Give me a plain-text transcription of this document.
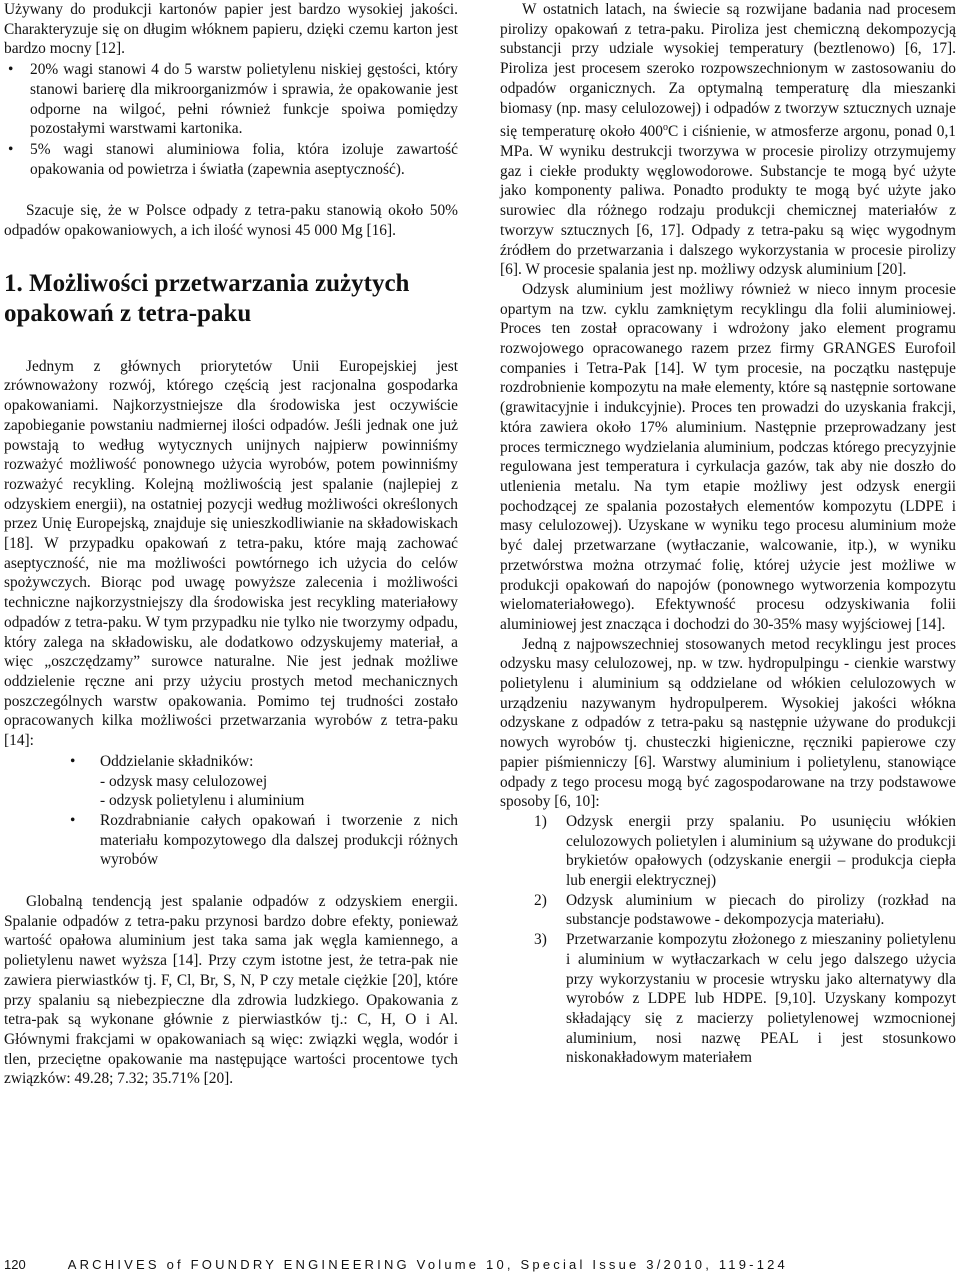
Używany do produkcji kartonów papier jest bardzo wysokiej jakości. Charakteryzuje się on długim włóknem papieru, dzięki czemu karton jest bardzo mocny [12].

• 20% wagi stanowi 4 do 5 warstw polietylenu niskiej gęstości, który stanowi barierę dla mikroorganizmów i sprawia, że opakowanie jest odporne na wilgoć, pełni również funkcje spoiwa pomiędzy pozostałymi warstwami kartonika.
• 5% wagi stanowi aluminiowa folia, która izoluje zawartość opakowania od powietrza i światła (zapewnia aseptyczność).

Szacuje się, że w Polsce odpady z tetra-paku stanowią około 50% odpadów opakowaniowych, a ich ilość wynosi 45 000 Mg [16].

1. Możliwości przetwarzania zużytych opakowań z tetra-paku

Jednym z głównych priorytetów Unii Europejskiej jest zrównoważony rozwój, którego częścią jest racjonalna gospodarka opakowaniami. Najkorzystniejsze dla środowiska jest oczywiście zapobieganie powstaniu nadmiernej ilości odpadów. Jeśli jednak one już powstają to według wytycznych unijnych najpierw powinniśmy rozważyć możliwość ponownego użycia wyrobów, potem powinniśmy rozważyć recykling. Kolejną możliwością jest spalanie (najlepiej z odzyskiem energii), na ostatniej pozycji według możliwości określonych przez Unię Europejską, znajduje się unieszkodliwianie na składowiskach [18]. W przypadku opakowań z tetra-paku, które mają zachować aseptyczność, nie ma możliwości powtórnego ich użycia do celów spożywczych. Biorąc pod uwagę powyższe zalecenia i możliwości techniczne najkorzystniejszy dla środowiska jest recykling materiałowy odpadów z tetra-paku. W tym przypadku nie tylko nie tworzymy odpadu, który zalega na składowisku, ale dodatkowo odzyskujemy materiał, a więc „oszczędzamy” surowce naturalne. Nie jest jednak możliwe oddzielenie ręczne ani przy użyciu prostych metod mechanicznych poszczególnych warstw opakowania. Pomimo tej trudności zostało opracowanych kilka możliwości przetwarzania wyrobów z tetra-paku [14]:

• Oddzielanie składników:
- odzysk masy celulozowej
- odzysk polietylenu i aluminium
• Rozdrabnianie całych opakowań i tworzenie z nich materiału kompozytowego dla dalszej produkcji różnych wyrobów

Globalną tendencją jest spalanie odpadów z odzyskiem energii. Spalanie odpadów z tetra-paku przynosi bardzo dobre efekty, ponieważ wartość opałowa aluminium jest taka sama jak węgla kamiennego, a polietylenu nawet wyższa [14]. Przy czym istotne jest, że tetra-pak nie zawiera pierwiastków tj. F, Cl, Br, S, N, P czy metale ciężkie [20], które przy spalaniu są niebezpieczne dla zdrowia ludzkiego. Opakowania z tetra-pak są wykonane głównie z pierwiastków tj.: C, H, O i Al. Głównymi frakcjami w opakowaniach są więc: związki węgla, wodór i tlen, przeciętne opakowanie ma następujące wartości procentowe tych związków: 49.28; 7.32; 35.71% [20].

W ostatnich latach, na świecie są rozwijane badania nad procesem pirolizy opakowań z tetra-paku. Piroliza jest chemiczną dekompozycją substancji przy udziale wysokiej temperatury (beztlenowo) [6, 17]. Piroliza jest procesem szeroko rozpowszechnionym w zastosowaniu do odpadów organicznych. Za optymalną temperaturę dla mieszanki biomasy (np. masy celulozowej) i odpadów z tworzyw sztucznych uznaje się temperaturę około 400$^o$C i ciśnienie, w atmosferze argonu, ponad 0,1 MPa. W wyniku destrukcji tworzywa w procesie pirolizy otrzymujemy gaz i ciekłe produkty węglowodorowe. Substancje te mogą być użyte jako komponenty paliwa. Ponadto produkty te mogą być użyte jako surowiec dla różnego rodzaju produkcji chemicznej materiałów z tworzyw sztucznych [6, 17]. Odpady z tetra-paku są więc wygodnym źródłem do przetwarzania i dalszego wykorzystania w procesie pirolizy [6]. W procesie spalania jest np. możliwy odzysk aluminium [20].

Odzysk aluminium jest możliwy również w nieco innym procesie opartym na tzw. cyklu zamkniętym recyklingu dla folii aluminiowej. Proces ten został opracowany i wdrożony jako element programu rozwojowego opracowanego razem przez firmy GRANGES Eurofoil companies i Tetra-Pak [14]. W tym procesie, na początku następuje rozdrobnienie kompozytu na małe elementy, które są następnie sortowane (grawitacyjnie i indukcyjnie). Proces ten prowadzi do uzyskania frakcji, która zawiera około 17% aluminium. Następnie przeprowadzany jest proces termicznego wydzielania aluminium, podczas którego precyzyjnie regulowana jest temperatura i cyrkulacja gazów, tak aby nie doszło do utlenienia metalu. Na tym etapie możliwy jest odzysk energii pochodzącej ze spalania pozostałych elementów kompozytu (LDPE i masy celulozowej). Uzyskane w wyniku tego procesu aluminium może być dalej przetwarzane (wytłaczanie, walcowanie, itp.), w wyniku przetwórstwa można otrzymać folię, której użycie jest możliwe w produkcji opakowań do napojów (ponownego wytworzenia kompozytu wielomateriałowego). Efektywność procesu odzyskiwania folii aluminiowej jest znacząca i dochodzi do 30-35% masy wyjściowej [14].

Jedną z najpowszechniej stosowanych metod recyklingu jest proces odzysku masy celulozowej, np. w tzw. hydropulpingu - cienkie warstwy polietylenu i aluminium są oddzielane od włókien celulozowych w urządzeniu nazywanym hydropulperem. Wysokiej jakości włókna odzyskane z odpadów z tetra-paku są następnie używane do produkcji nowych wyrobów tj. chusteczki higieniczne, ręczniki papierowe czy papier piśmienniczy [6]. Warstwy aluminium i polietylenu, stanowiące odpady z tego procesu mogą być zagospodarowane na trzy podstawowe sposoby [6, 10]:

1) Odzysk energii przy spalaniu. Po usunięciu włókien celulozowych polietylen i aluminium są używane do produkcji brykietów opałowych (odzyskanie energii – produkcja ciepła lub energii elektrycznej)
2) Odzysk aluminium w piecach do pirolizy (rozkład na substancje podstawowe - dekompozycja materiału).
3) Przetwarzanie kompozytu złożonego z mieszaniny polietylenu i aluminium w wytłaczarkach w celu jego dalszego użycia przy wykorzystaniu w procesie wtrysku jako alternatywy dla wyrobów z LDPE lub HDPE. [9,10]. Uzyskany kompozyt składający się z macierzy polietylenowej wzmocnionej aluminium, nosi nazwę PEAL i jest stosunkowo niskonakładowym materiałem
120	ARCHIVES of FOUNDRY ENGINEERING Volume 10, Special Issue 3/2010, 119-124
